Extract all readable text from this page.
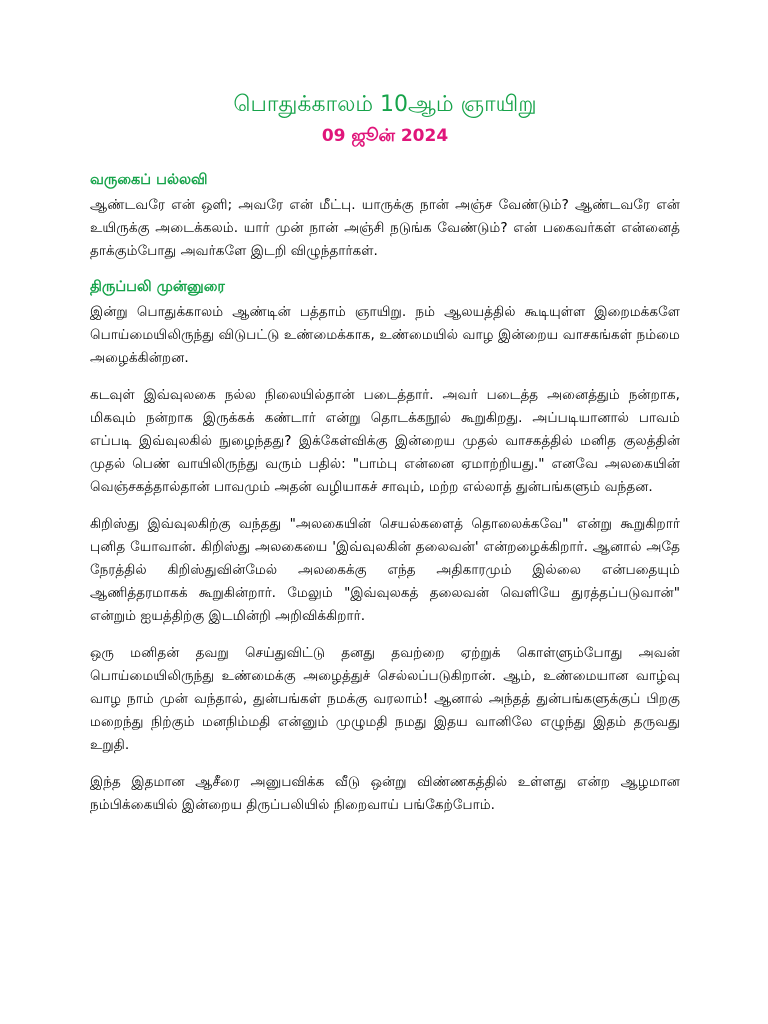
பொதுக்காலம் 10ஆம் ஞாயிறு
09 ஜூன் 2024
வருகைப் பல்லவி

ஆண்டவரே என் ஒளி; அவரே என் மீட்பு. யாருக்கு நான் அஞ்ச வேண்டும்? ஆண்டவரே என் உயிருக்கு அடைக்கலம். யார் முன் நான் அஞ்சி நடுங்க வேண்டும்? என் பகைவர்கள் என்னைத் தாக்கும்போது அவர்களே இடறி விழுந்தார்கள்.

திருப்பலி முன்னுரை

இன்று பொதுக்காலம் ஆண்டின் பத்தாம் ஞாயிறு. நம் ஆலயத்தில் கூடியுள்ள இறைமக்களே பொய்மையிலிருந்து விடுபட்டு உண்மைக்காக, உண்மையில் வாழ இன்றைய வாசகங்கள் நம்மை அழைக்கின்றன.

கடவுள் இவ்வுலகை நல்ல நிலையில்தான் படைத்தார். அவர் படைத்த அனைத்தும் நன்றாக, மிகவும் நன்றாக இருக்கக் கண்டார் என்று தொடக்கநூல் கூறுகிறது. அப்படியானால் பாவம் எப்படி இவ்வுலகில் நுழைந்தது? இக்கேள்விக்கு இன்றைய முதல் வாசகத்தில் மனித குலத்தின் முதல் பெண் வாயிலிருந்து வரும் பதில்: "பாம்பு என்னை ஏமாற்றியது." எனவே அலகையின் வெஞ்சகத்தால்தான் பாவமும் அதன் வழியாகச் சாவும், மற்ற எல்லாத் துன்பங்களும் வந்தன.

கிறிஸ்து இவ்வுலகிற்கு வந்தது "அலகையின் செயல்களைத் தொலைக்கவே" என்று கூறுகிறார் புனித யோவான். கிறிஸ்து அலகையை 'இவ்வுலகின் தலைவன்' என்றழைக்கிறார். ஆனால் அதே நேரத்தில் கிறிஸ்துவின்மேல் அலகைக்கு எந்த அதிகாரமும் இல்லை என்பதையும் ஆணித்தரமாகக் கூறுகின்றார். மேலும் "இவ்வுலகத் தலைவன் வெளியே துரத்தப்படுவான்" என்றும் ஐயத்திற்கு இடமின்றி அறிவிக்கிறார்.

ஒரு மனிதன் தவறு செய்துவிட்டு தனது தவற்றை ஏற்றுக் கொள்ளும்போது அவன் பொய்மையிலிருந்து உண்மைக்கு அழைத்துச் செல்லப்படுகிறான். ஆம், உண்மையான வாழ்வு வாழ நாம் முன் வந்தால், துன்பங்கள் நமக்கு வரலாம்! ஆனால் அந்தத் துன்பங்களுக்குப் பிறகு மறைந்து நிற்கும் மனநிம்மதி என்னும் முழுமதி நமது இதய வானிலே எழுந்து இதம் தருவது உறுதி.

இந்த இதமான ஆசீரை அனுபவிக்க வீடு ஒன்று விண்ணகத்தில் உள்ளது என்ற ஆழமான நம்பிக்கையில் இன்றைய திருப்பலியில் நிறைவாய் பங்கேற்போம்.
